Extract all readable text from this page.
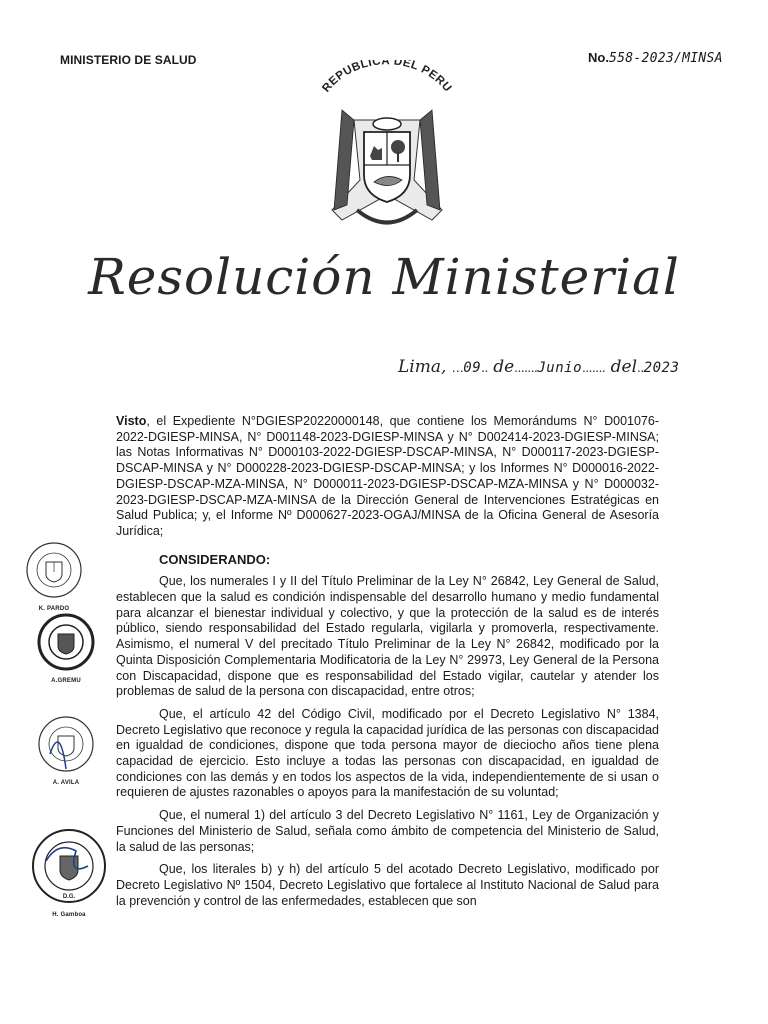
MINISTERIO DE SALUD	No.558-2023/MINSA
REPUBLICA DEL PERU
Resolución Ministerial
Lima, …09.. de.......Junio....... del..2023

Visto, el Expediente N°DGIESP20220000148, que contiene los Memorándums N° D001076-2022-DGIESP-MINSA, N° D001148-2023-DGIESP-MINSA y N° D002414-2023-DGIESP-MINSA; las Notas Informativas N° D000103-2022-DGIESP-DSCAP-MINSA, N° D000117-2023-DGIESP-DSCAP-MINSA y N° D000228-2023-DGIESP-DSCAP-MINSA; y los Informes N° D000016-2022-DGIESP-DSCAP-MZA-MINSA, N° D000011-2023-DGIESP-DSCAP-MZA-MINSA y N° D000032-2023-DGIESP-DSCAP-MZA-MINSA de la Dirección General de Intervenciones Estratégicas en Salud Publica; y, el Informe Nº D000627-2023-OGAJ/MINSA de la Oficina General de Asesoría Jurídica;

CONSIDERANDO:

Que, los numerales I y II del Título Preliminar de la Ley N° 26842, Ley General de Salud, establecen que la salud es condición indispensable del desarrollo humano y medio fundamental para alcanzar el bienestar individual y colectivo, y que la protección de la salud es de interés público, siendo responsabilidad del Estado regularla, vigilarla y promoverla, respectivamente. Asimismo, el numeral V del precitado Título Preliminar de la Ley N° 26842, modificado por la Quinta Disposición Complementaria Modificatoria de la Ley N° 29973, Ley General de la Persona con Discapacidad, dispone que es responsabilidad del Estado vigilar, cautelar y atender los problemas de salud de la persona con discapacidad, entre otros;

Que, el artículo 42 del Código Civil, modificado por el Decreto Legislativo N° 1384, Decreto Legislativo que reconoce y regula la capacidad jurídica de las personas con discapacidad en igualdad de condiciones, dispone que toda persona mayor de dieciocho años tiene plena capacidad de ejercicio. Esto incluye a todas las personas con discapacidad, en igualdad de condiciones con las demás y en todos los aspectos de la vida, independientemente de si usan o requieren de ajustes razonables o apoyos para la manifestación de su voluntad;

Que, el numeral 1) del artículo 3 del Decreto Legislativo N° 1161, Ley de Organización y Funciones del Ministerio de Salud, señala como ámbito de competencia del Ministerio de Salud, la salud de las personas;

Que, los literales b) y h) del artículo 5 del acotado Decreto Legislativo, modificado por Decreto Legislativo Nº 1504, Decreto Legislativo que fortalece al Instituto Nacional de Salud para la prevención y control de las enfermedades, establecen que son

K. PARDO
A.GREMU
A. AVILA
D.G.
H. Gamboa
